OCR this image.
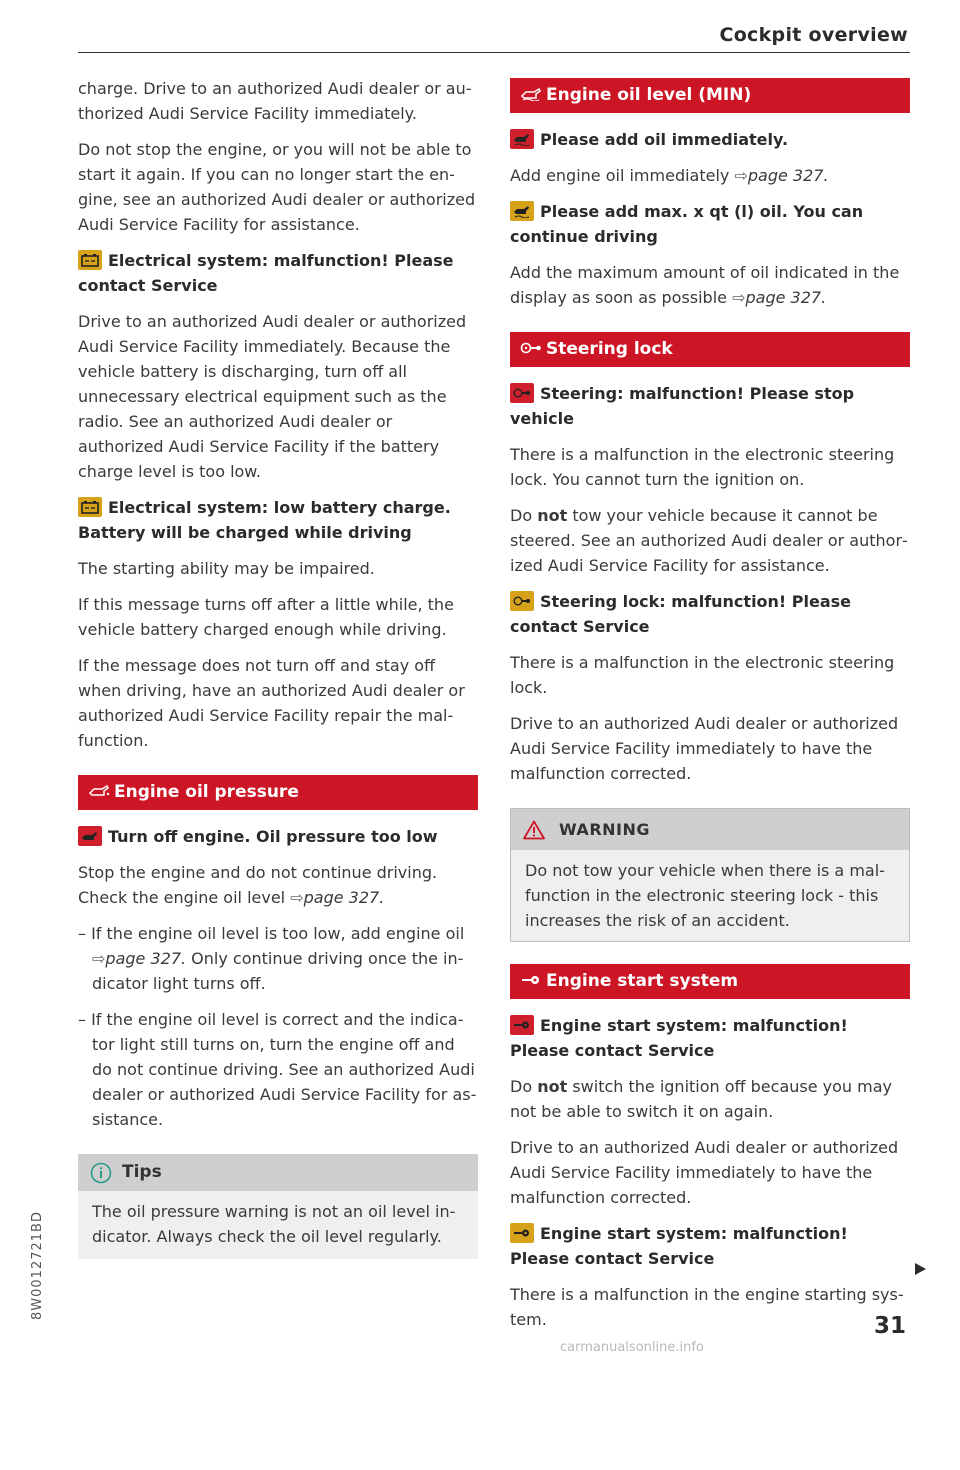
Cockpit overview

charge. Drive to an authorized Audi dealer or authorized Audi Service Facility immediately.

Do not stop the engine, or you will not be able to start it again. If you can no longer start the engine, see an authorized Audi dealer or authorized Audi Service Facility for assistance.

Electrical system: malfunction! Please contact Service

Drive to an authorized Audi dealer or authorized Audi Service Facility immediately. Because the vehicle battery is discharging, turn off all unnecessary electrical equipment such as the radio. See an authorized Audi dealer or authorized Audi Service Facility if the battery charge level is too low.

Electrical system: low battery charge. Battery will be charged while driving

The starting ability may be impaired.

If this message turns off after a little while, the vehicle battery charged enough while driving.

If the message does not turn off and stay off when driving, have an authorized Audi dealer or authorized Audi Service Facility repair the malfunction.

Engine oil pressure
Turn off engine. Oil pressure too low

Stop the engine and do not continue driving. Check the engine oil level ⇨page 327.

– If the engine oil level is too low, add engine oil ⇨page 327. Only continue driving once the indicator light turns off.

– If the engine oil level is correct and the indicator light still turns on, turn the engine off and do not continue driving. See an authorized Audi dealer or authorized Audi Service Facility for assistance.

Tips
The oil pressure warning is not an oil level indicator. Always check the oil level regularly.
Engine oil level (MIN)
Please add oil immediately.

Add engine oil immediately ⇨page 327.

Please add max. x qt (l) oil. You can continue driving

Add the maximum amount of oil indicated in the display as soon as possible ⇨page 327.

Steering lock
Steering: malfunction! Please stop vehicle

There is a malfunction in the electronic steering lock. You cannot turn the ignition on.

Do not tow your vehicle because it cannot be steered. See an authorized Audi dealer or authorized Audi Service Facility for assistance.

Steering lock: malfunction! Please contact Service

There is a malfunction in the electronic steering lock.

Drive to an authorized Audi dealer or authorized Audi Service Facility immediately to have the malfunction corrected.

WARNING
Do not tow your vehicle when there is a malfunction in the electronic steering lock - this increases the risk of an accident.
Engine start system
Engine start system: malfunction! Please contact Service

Do not switch the ignition off because you may not be able to switch it on again.

Drive to an authorized Audi dealer or authorized Audi Service Facility immediately to have the malfunction corrected.

Engine start system: malfunction! Please contact Service

There is a malfunction in the engine starting system.	31
8W0012721BD
carmanualsonline.info
